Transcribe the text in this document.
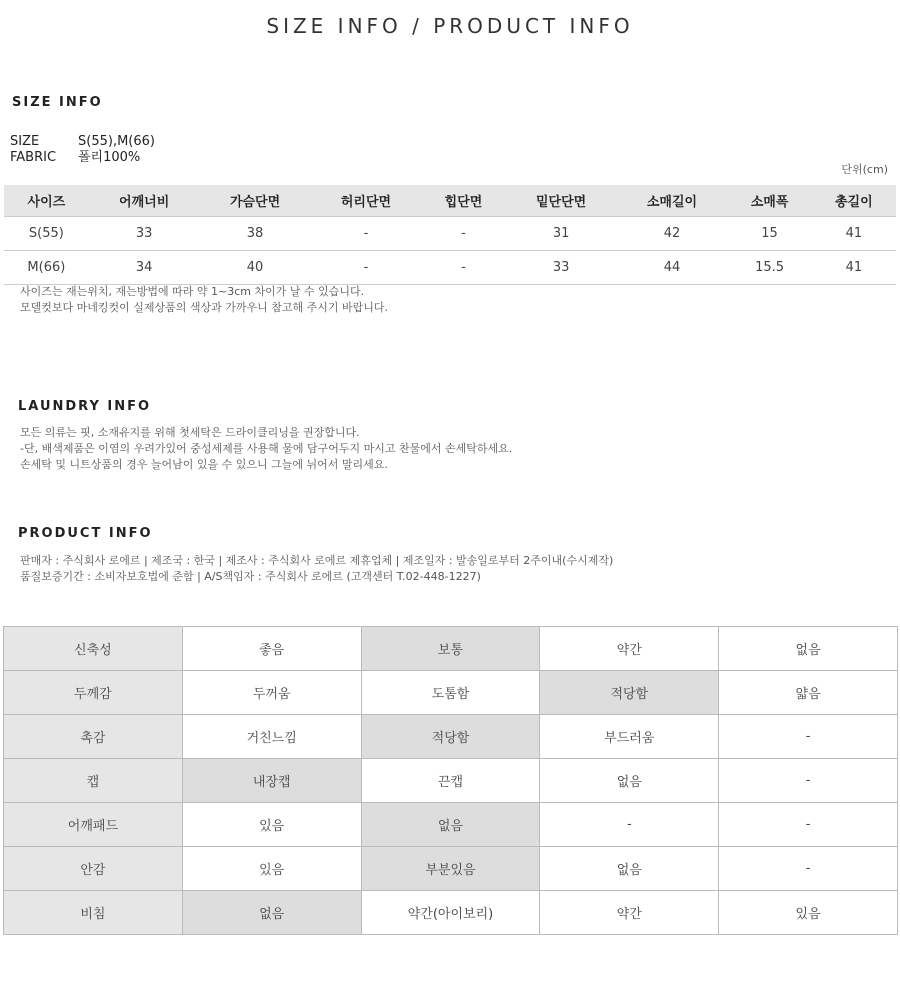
SIZE INFO / PRODUCT INFO
SIZE INFO
SIZE	S(55),M(66)
FABRIC 폴리100%
단위(cm)
사이즈	어깨너비	가슴단면	허리단면	힙단면	밑단단면	소매길이	소매폭	총길이
S(55)	33	38	-	-	31	42	15	41
M(66)	34	40	-	-	33	44	15.5	41
사이즈는 재는위치, 재는방법에 따라 약 1~3cm 차이가 날 수 있습니다.
모델컷보다 마네킹컷이 실제상품의 색상과 가까우니 참고해 주시기 바랍니다.
LAUNDRY INFO
모든 의류는 핏, 소재유지를 위해 첫세탁은 드라이클리닝을 권장합니다.
-단, 배색제품은 이염의 우려가있어 중성세제를 사용해 물에 담구어두지 마시고 찬물에서 손세탁하세요.
손세탁 및 니트상품의 경우 늘어남이 있을 수 있으니 그늘에 뉘어서 말리세요.
PRODUCT INFO
판매자 : 주식회사 로에르 | 제조국 : 한국 | 제조사 : 주식회사 로에르 제휴업체 | 제조일자 : 발송일로부터 2주이내(수시제작)
품질보증기간 : 소비자보호법에 준함 | A/S책임자 : 주식회사 로에르 (고객센터 T.02-448-1227)
신축성	좋음	보통	약간	없음
두께감	두꺼움	도톰함	적당함	얇음
촉감	거친느낌	적당함	부드러움	-
캡	내장캡	끈캡	없음	-
어깨패드	있음	없음	-	-
안감	있음	부분있음	없음	-
비침	없음	약간(아이보리)	약간	있음
